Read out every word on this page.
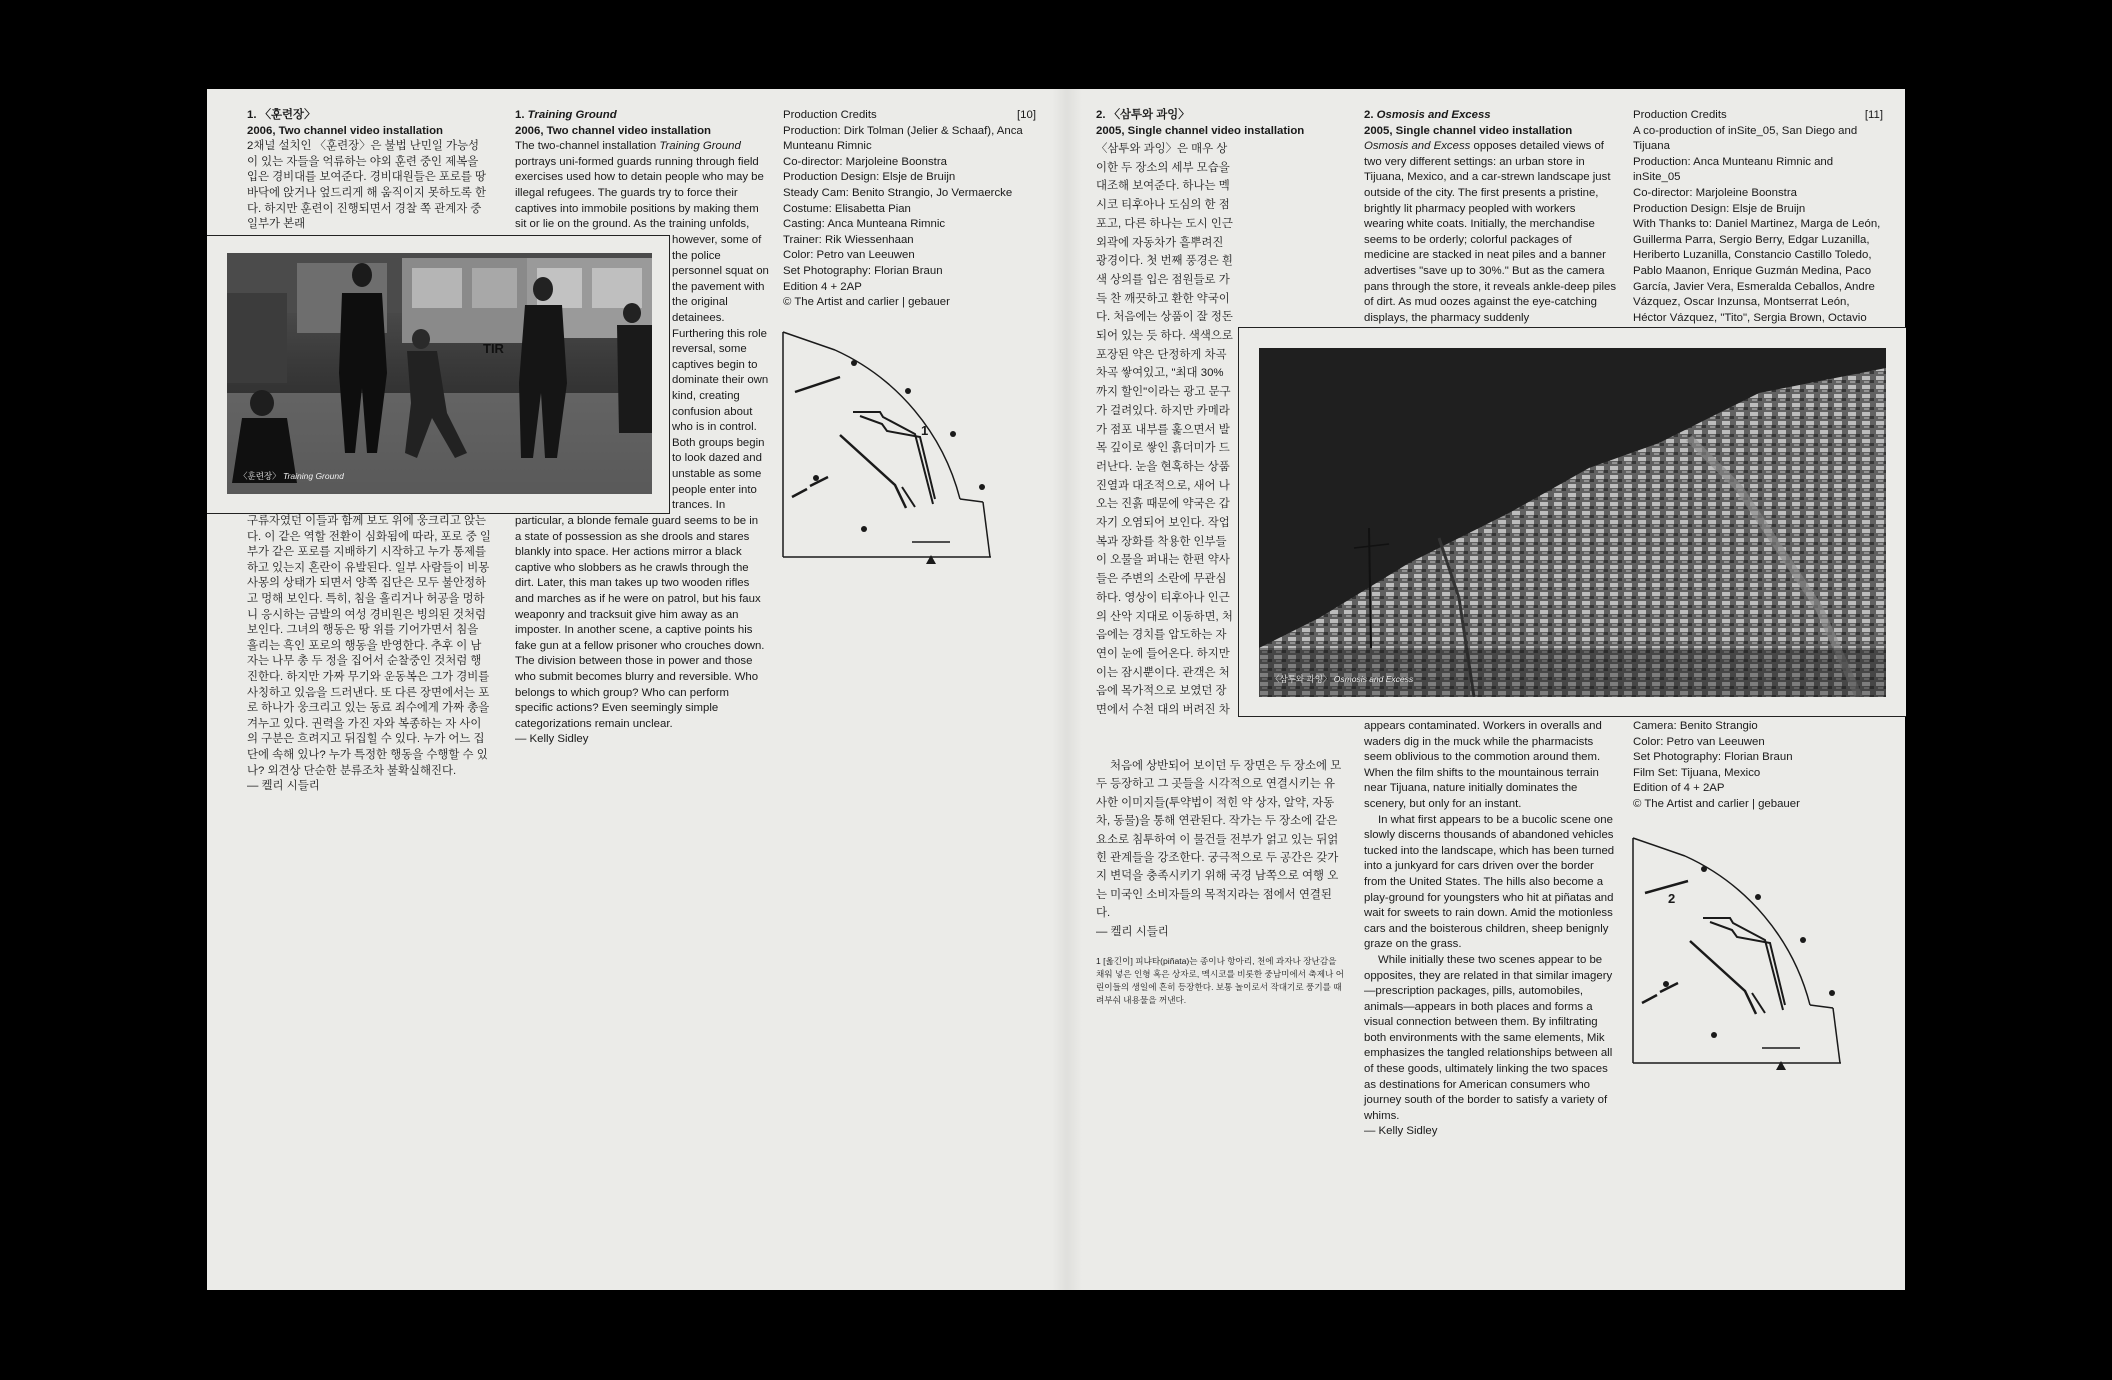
1. 〈훈련장〉

2006, Two channel video installation

2채널 설치인 〈훈련장〉은 불법 난민일 가능성이 있는 자들을 억류하는 야외 훈련 중인 제복을 입은 경비대를 보여준다. 경비대원들은 포로를 땅바닥에 앉거나 엎드리게 해 움직이지 못하도록 한다. 하지만 훈련이 진행되면서 경찰 쪽 관계자 중 일부가 본래

구류자였던 이들과 함께 보도 위에 웅크리고 앉는다. 이 같은 역할 전환이 심화됨에 따라, 포로 중 일부가 같은 포로를 지배하기 시작하고 누가 통제를 하고 있는지 혼란이 유발된다. 일부 사람들이 비몽사몽의 상태가 되면서 양쪽 집단은 모두 불안정하고 멍해 보인다. 특히, 침을 흘리거나 허공을 멍하니 응시하는 금발의 여성 경비원은 빙의된 것처럼 보인다. 그녀의 행동은 땅 위를 기어가면서 침을 흘리는 흑인 포로의 행동을 반영한다. 추후 이 남자는 나무 총 두 정을 집어서 순찰중인 것처럼 행진한다. 하지만 가짜 무기와 운동복은 그가 경비를 사칭하고 있음을 드러낸다. 또 다른 장면에서는 포로 하나가 웅크리고 있는 동료 죄수에게 가짜 총을 겨누고 있다. 권력을 가진 자와 복종하는 자 사이의 구분은 흐려지고 뒤집힐 수 있다. 누가 어느 집단에 속해 있나? 누가 특정한 행동을 수행할 수 있나? 외견상 단순한 분류조차 불확실해진다.

— 켈리 시들리

1. Training Ground

2006, Two channel video installation

The two-channel installation Training Ground portrays uni-formed guards running through field exercises used how to detain people who may be illegal refugees. The guards try to force their captives into immobile positions by making them sit or lie on the ground. As the training unfolds,

however, some of the police personnel squat on the pavement with the original detainees. Furthering this role reversal, some captives begin to dominate their own kind, creating confusion about who is in control. Both groups begin to look dazed and unstable as some people enter into trances. In

particular, a blonde female guard seems to be in a state of possession as she drools and stares blankly into space. Her actions mirror a black captive who slobbers as he crawls through the dirt. Later, this man takes up two wooden rifles and marches as if he were on patrol, but his faux weaponry and tracksuit give him away as an imposter. In another scene, a captive points his fake gun at a fellow prisoner who crouches down. The division between those in power and those who submit becomes blurry and reversible. Who belongs to which group? Who can perform specific actions? Even seemingly simple categorizations remain unclear.

— Kelly Sidley

Production Credits	[10]

Production: Dirk Tolman (Jelier & Schaaf), Anca Munteanu Rimnic

Co-director: Marjoleine Boonstra

Production Design: Elsje de Bruijn

Steady Cam: Benito Strangio, Jo Vermaercke

Costume: Elisabetta Pian

Casting: Anca Munteana Rimnic

Trainer: Rik Wiessenhaan

Color: Petro van Leeuwen

Set Photography: Florian Braun

Edition 4 + 2AP

© The Artist and carlier | gebauer

TIR
〈훈련장〉 Training Ground
1

2. 〈삼투와 과잉〉

2005, Single channel video installation

〈삼투와 과잉〉은 매우 상이한 두 장소의 세부 모습을 대조해 보여준다. 하나는 멕시코 티후아나 도심의 한 점포고, 다른 하나는 도시 인근 외곽에 자동차가 흩뿌려진 광경이다. 첫 번째 풍경은 흰 색 상의를 입은 점원들로 가득 찬 깨끗하고 환한 약국이다. 처음에는 상품이 잘 정돈되어 있는 듯 하다. 색색으로 포장된 약은 단정하게 차곡차곡 쌓여있고, "최대 30%까지 할인"이라는 광고 문구가 걸려있다. 하지만 카메라가 점포 내부를 훑으면서 발목 깊이로 쌓인 흙더미가 드러난다. 눈을 현혹하는 상품 진열과 대조적으로, 새어 나오는 진흙 때문에 약국은 갑자기 오염되어 보인다. 작업복과 장화를 착용한 인부들이 오물을 퍼내는 한편 약사들은 주변의 소란에 무관심하다. 영상이 티후아나 인근의 산악 지대로 이동하면, 처음에는 경치를 압도하는 자연이 눈에 들어온다. 하지만 이는 잠시뿐이다. 관객은 처음에 목가적으로 보였던 장면에서 수천 대의 버려진 차

처음에 상반되어 보이던 두 장면은 두 장소에 모두 등장하고 그 곳들을 시각적으로 연결시키는 유사한 이미지들(투약법이 적힌 약 상자, 알약, 자동차, 동물)을 통해 연관된다. 작가는 두 장소에 같은 요소로 침투하여 이 물건들 전부가 얽고 있는 뒤얽힌 관계들을 강조한다. 궁극적으로 두 공간은 갖가지 변덕을 충족시키기 위해 국경 남쪽으로 여행 오는 미국인 소비자들의 목적지라는 점에서 연결된다.

— 켈리 시들리

1 [옮긴이] 피냐타(piñata)는 종이나 항아리, 천에 과자나 장난감을 채워 넣은 인형 혹은 상자로, 멕시코를 비롯한 중남미에서 축제나 어린이들의 생일에 흔히 등장한다. 보통 놀이로서 작대기로 풍기를 때려부숴 내용물을 꺼낸다.

2. Osmosis and Excess

2005, Single channel video installation

Osmosis and Excess opposes detailed views of two very different settings: an urban store in Tijuana, Mexico, and a car-strewn landscape just outside of the city. The first presents a pristine, brightly lit pharmacy peopled with workers wearing white coats. Initially, the merchandise seems to be orderly; colorful packages of medicine are stacked in neat piles and a banner advertises "save up to 30%." But as the camera pans through the store, it reveals ankle-deep piles of dirt. As mud oozes against the eye-catching displays, the pharmacy suddenly

appears contaminated. Workers in overalls and waders dig in the muck while the pharmacists seem oblivious to the commotion around them. When the film shifts to the mountainous terrain near Tijuana, nature initially dominates the scenery, but only for an instant.

In what first appears to be a bucolic scene one slowly discerns thousands of abandoned vehicles tucked into the landscape, which has been turned into a junkyard for cars driven over the border from the United States. The hills also become a play-ground for youngsters who hit at piñatas and wait for sweets to rain down. Amid the motionless cars and the boisterous children, sheep benignly graze on the grass.

While initially these two scenes appear to be opposites, they are related in that similar imagery—prescription packages, pills, automobiles, animals—appears in both places and forms a visual connection between them. By infiltrating both environments with the same elements, Mik emphasizes the tangled relationships between all of these goods, ultimately linking the two spaces as destinations for American consumers who journey south of the border to satisfy a variety of whims.

— Kelly Sidley

Production Credits	[11]

A co-production of inSite_05, San Diego and Tijuana

Production: Anca Munteanu Rimnic and inSite_05

Co-director: Marjoleine Boonstra

Production Design: Elsje de Bruijn

With Thanks to: Daniel Martinez, Marga de León, Guillerma Parra, Sergio Berry, Edgar Luzanilla, Heriberto Luzanilla, Constancio Castillo Toledo, Pablo Maanon, Enrique Guzmán Medina, Paco García, Javier Vera, Esmeralda Ceballos, Andre Vázquez, Oscar Inzunsa, Montserrat León, Héctor Vázquez, "Tito", Sergia Brown, Octavio

Camera: Benito Strangio

Color: Petro van Leeuwen

Set Photography: Florian Braun

Film Set: Tijuana, Mexico

Edition of 4 + 2AP

© The Artist and carlier | gebauer

〈삼투와 과잉〉 Osmosis and Excess
2
